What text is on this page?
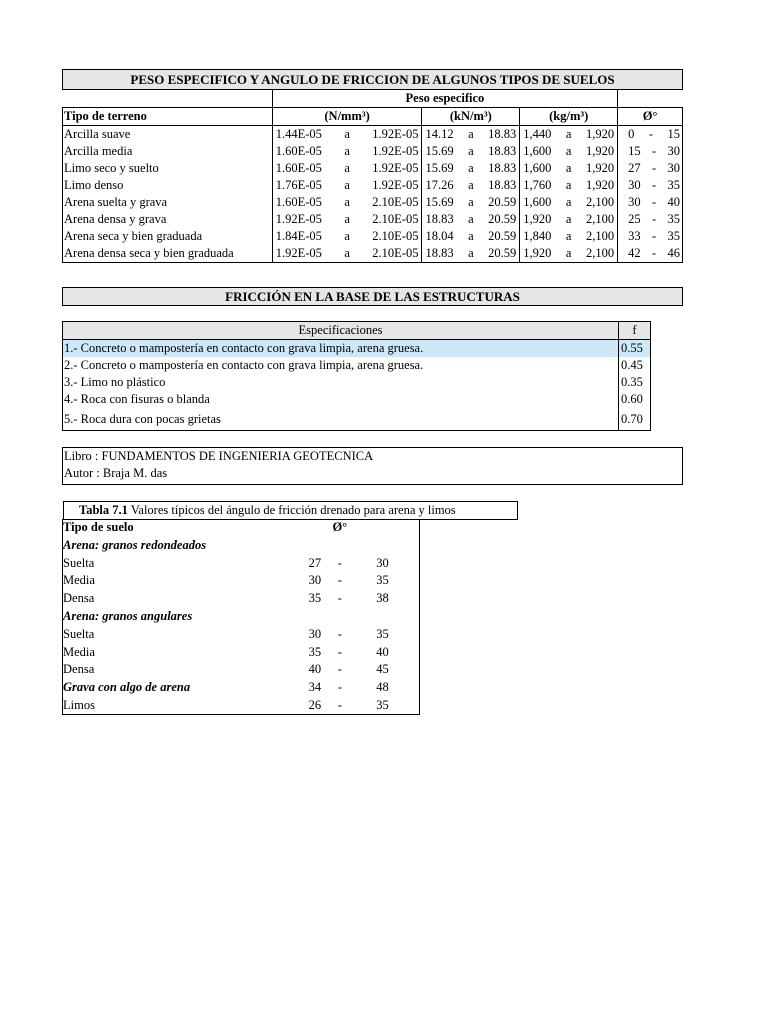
PESO ESPECIFICO Y ANGULO DE FRICCION DE ALGUNOS TIPOS DE SUELOS				
	Peso especifico			
Tipo de terreno	(N/mm³)	(kN/m³)	(kg/m³)	Ø°
Arcilla suave	1.44E-05 a 1.92E-05	14.12 a 18.83	1,440 a 1,920	0 - 15

Arcilla media	1.60E-05 a 1.92E-05	15.69 a 18.83	1,600 a 1,920	15 - 30

Limo seco y suelto	1.60E-05 a 1.92E-05	15.69 a 18.83	1,600 a 1,920	27 - 30

Limo denso	1.76E-05 a 1.92E-05	17.26 a 18.83	1,760 a 1,920	30 - 35

Arena suelta y grava	1.60E-05 a 2.10E-05	15.69 a 20.59	1,600 a 2,100	30 - 40

Arena densa y grava	1.92E-05 a 2.10E-05	18.83 a 20.59	1,920 a 2,100	25 - 35

Arena seca y bien graduada	1.84E-05 a 2.10E-05	18.04 a 20.59	1,840 a 2,100	33 - 35

Arena densa seca y bien graduada	1.92E-05 a 2.10E-05	18.83 a 20.59	1,920 a 2,100	42 - 46
FRICCIÓN EN LA BASE DE LAS ESTRUCTURAS
Especificaciones	f
1.- Concreto o mampostería en contacto con grava limpia, arena gruesa.	0.55
2.- Concreto o mampostería en contacto con grava limpia, arena gruesa.	0.45
3.- Limo no plástico	0.35
4.- Roca con fisuras o blanda	0.60
5.- Roca dura con pocas grietas	0.70
Libro : FUNDAMENTOS DE INGENIERIA GEOTECNICA
Autor : Braja M. das
Tabla 7.1 Valores típicos del ángulo de fricción drenado para arena y limos
Tipo de suelo		Ø°		
Arena: granos redondeados				
Suelta	27	-	30	
Media	30	-	35	
Densa	35	-	38	
Arena: granos angulares				
Suelta	30	-	35	
Media	35	-	40	
Densa	40	-	45	
Grava con algo de arena	34	-	48	
Limos	26	-	35	
